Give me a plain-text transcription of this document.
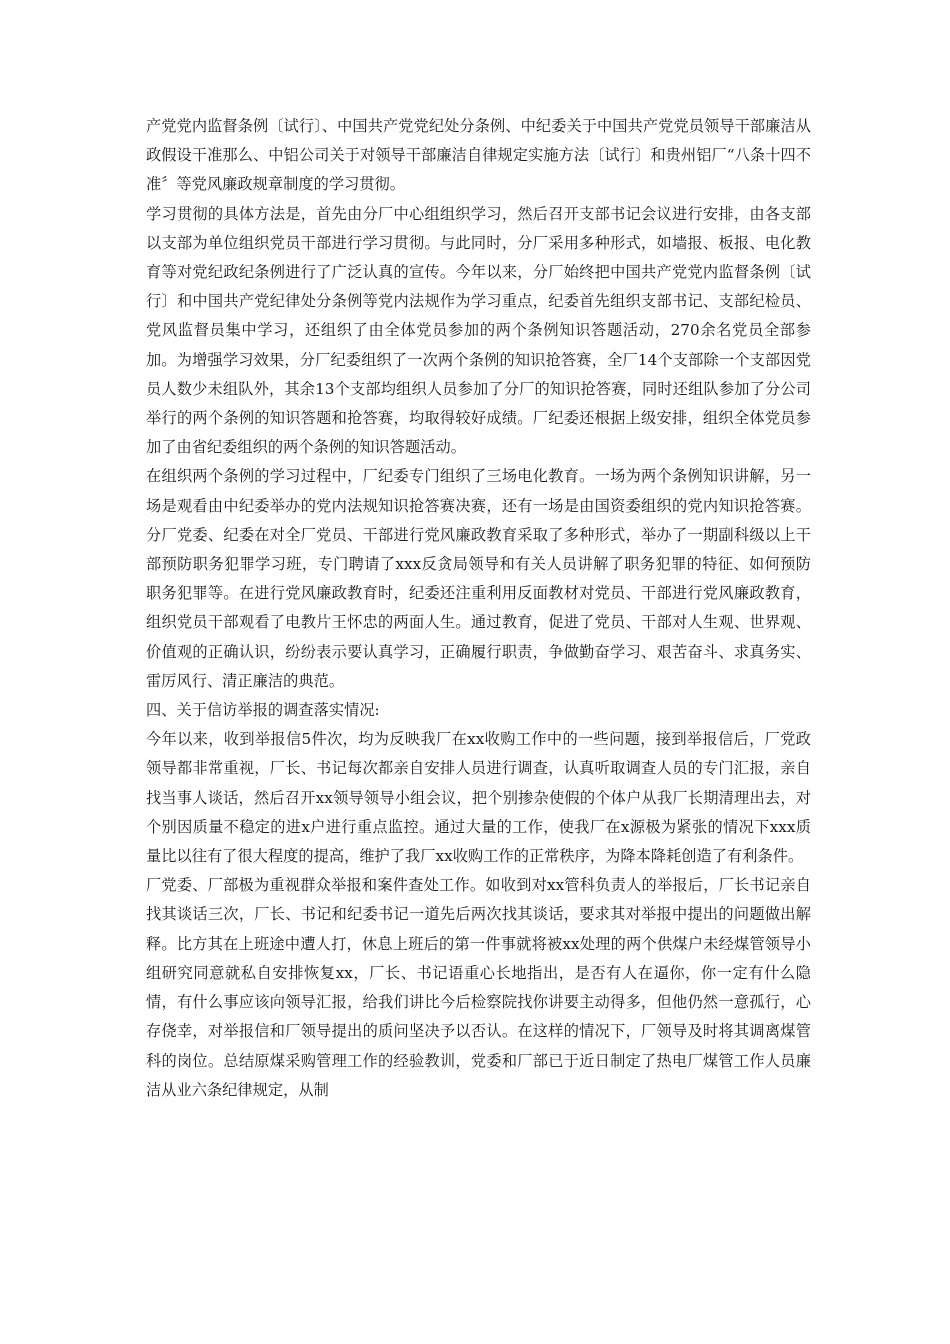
产党党内监督条例〔试行〕、中国共产党党纪处分条例、中纪委关于中国共产党党员领导干部廉洁从政假设干准那么、中铝公司关于对领导干部廉洁自律规定实施方法〔试行〕和贵州铝厂“八条十四不准〞等党风廉政规章制度的学习贯彻。

学习贯彻的具体方法是，首先由分厂中心组组织学习，然后召开支部书记会议进行安排，由各支部以支部为单位组织党员干部进行学习贯彻。与此同时，分厂采用多种形式，如墙报、板报、电化教育等对党纪政纪条例进行了广泛认真的宣传。今年以来，分厂始终把中国共产党党内监督条例〔试行〕和中国共产党纪律处分条例等党内法规作为学习重点，纪委首先组织支部书记、支部纪检员、党风监督员集中学习，还组织了由全体党员参加的两个条例知识答题活动，270余名党员全部参加。为增强学习效果，分厂纪委组织了一次两个条例的知识抢答赛，全厂14个支部除一个支部因党员人数少未组队外，其余13个支部均组织人员参加了分厂的知识抢答赛，同时还组队参加了分公司举行的两个条例的知识答题和抢答赛，均取得较好成绩。厂纪委还根据上级安排，组织全体党员参加了由省纪委组织的两个条例的知识答题活动。

在组织两个条例的学习过程中，厂纪委专门组织了三场电化教育。一场为两个条例知识讲解，另一场是观看由中纪委举办的党内法规知识抢答赛决赛，还有一场是由国资委组织的党内知识抢答赛。分厂党委、纪委在对全厂党员、干部进行党风廉政教育采取了多种形式，举办了一期副科级以上干部预防职务犯罪学习班，专门聘请了xxx反贪局领导和有关人员讲解了职务犯罪的特征、如何预防职务犯罪等。在进行党风廉政教育时，纪委还注重利用反面教材对党员、干部进行党风廉政教育，组织党员干部观看了电教片王怀忠的两面人生。通过教育，促进了党员、干部对人生观、世界观、价值观的正确认识，纷纷表示要认真学习，正确履行职责，争做勤奋学习、艰苦奋斗、求真务实、雷厉风行、清正廉洁的典范。

四、关于信访举报的调查落实情况:

今年以来，收到举报信5件次，均为反映我厂在xx收购工作中的一些问题，接到举报信后，厂党政领导都非常重视，厂长、书记每次都亲自安排人员进行调查，认真听取调查人员的专门汇报，亲自找当事人谈话，然后召开xx领导领导小组会议，把个别掺杂使假的个体户从我厂长期清理出去，对个别因质量不稳定的进x户进行重点监控。通过大量的工作，使我厂在x源极为紧张的情况下xxx质量比以往有了很大程度的提高，维护了我厂xx收购工作的正常秩序，为降本降耗创造了有利条件。

厂党委、厂部极为重视群众举报和案件查处工作。如收到对xx管科负责人的举报后，厂长书记亲自找其谈话三次，厂长、书记和纪委书记一道先后两次找其谈话，要求其对举报中提出的问题做出解释。比方其在上班途中遭人打，休息上班后的第一件事就将被xx处理的两个供煤户未经煤管领导小组研究同意就私自安排恢复xx，厂长、书记语重心长地指出，是否有人在逼你，你一定有什么隐情，有什么事应该向领导汇报，给我们讲比今后检察院找你讲要主动得多，但他仍然一意孤行，心存侥幸，对举报信和厂领导提出的质问坚决予以否认。在这样的情况下，厂领导及时将其调离煤管科的岗位。总结原煤采购管理工作的经验教训，党委和厂部已于近日制定了热电厂煤管工作人员廉洁从业六条纪律规定，从制
